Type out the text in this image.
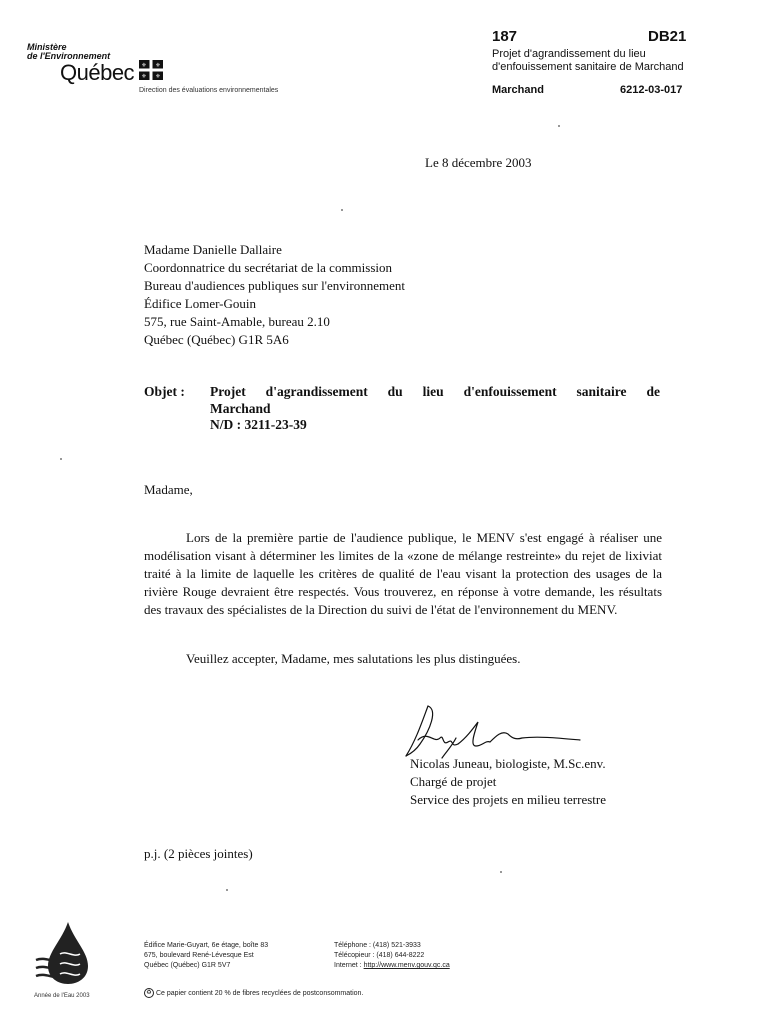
Ministère
de l'Environnement
Québec ⚜ ⚜
⚜ ⚜
Direction des évaluations environnementales
187	DB21
Projet d'agrandissement du lieu
d'enfouissement sanitaire de Marchand
Marchand	6212-03-017
Le 8 décembre 2003
Madame Danielle Dallaire
Coordonnatrice du secrétariat de la commission
Bureau d'audiences publiques sur l'environnement
Édifice Lomer-Gouin
575, rue Saint-Amable, bureau 2.10
Québec (Québec) G1R 5A6
Objet : Projet d'agrandissement du lieu d'enfouissement sanitaire de
Marchand
N/D : 3211-23-39
Madame,
Lors de la première partie de l'audience publique, le MENV s'est engagé à réaliser une modélisation visant à déterminer les limites de la «zone de mélange restreinte» du rejet de lixiviat traité à la limite de laquelle les critères de qualité de l'eau visant la protection des usages de la rivière Rouge devraient être respectés. Vous trouverez, en réponse à votre demande, les résultats des travaux des spécialistes de la Direction du suivi de l'état de l'environnement du MENV.
Veuillez accepter, Madame, mes salutations les plus distinguées.
Nicolas Juneau, biologiste, M.Sc.env.
Chargé de projet
Service des projets en milieu terrestre
p.j. (2 pièces jointes)
Année de l'Eau 2003
Édifice Marie-Guyart, 6e étage, boîte 83
675, boulevard René-Lévesque Est
Québec (Québec) G1R 5V7
Téléphone : (418) 521-3933
Télécopieur : (418) 644-8222
Internet : http://www.menv.gouv.qc.ca
♻ Ce papier contient 20 % de fibres recyclées de postconsommation.
